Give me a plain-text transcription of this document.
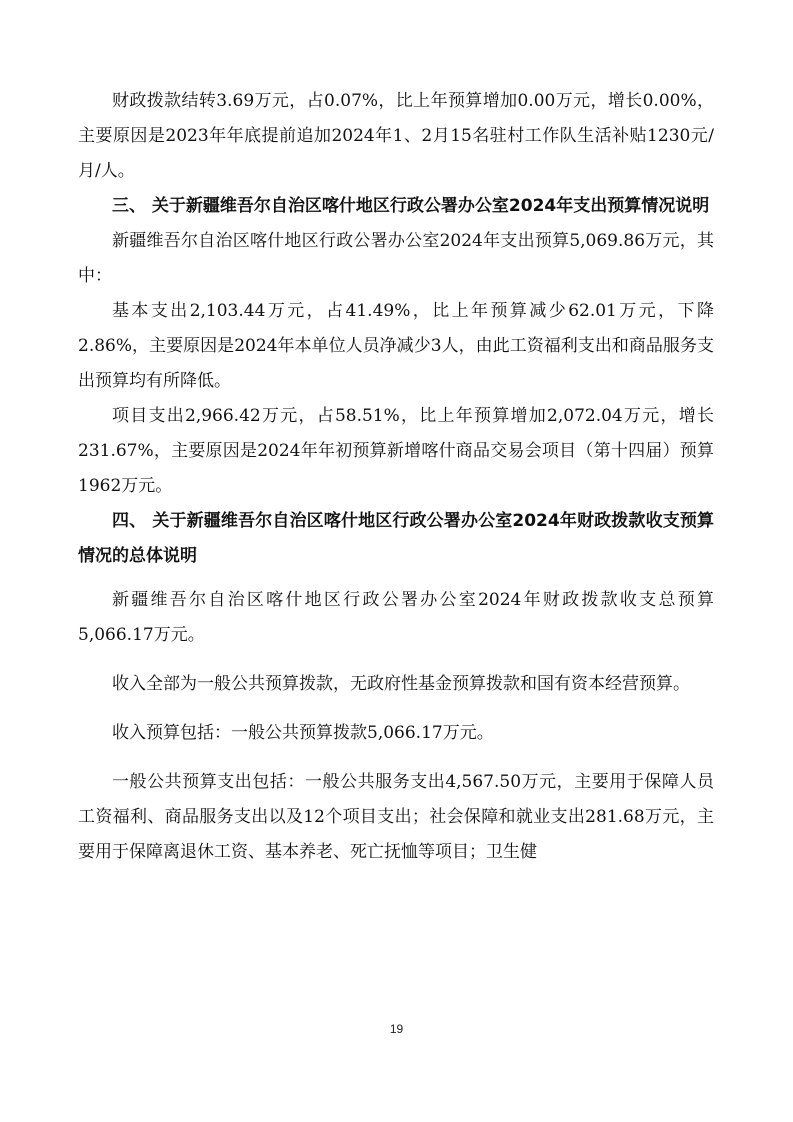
财政拨款结转3.69万元，占0.07%，比上年预算增加0.00万元，增长0.00%，主要原因是2023年年底提前追加2024年1、2月15名驻村工作队生活补贴1230元/月/人。

三、 关于新疆维吾尔自治区喀什地区行政公署办公室2024年支出预算情况说明

新疆维吾尔自治区喀什地区行政公署办公室2024年支出预算5,069.86万元，其中：

基本支出2,103.44万元，占41.49%，比上年预算减少62.01万元，下降2.86%，主要原因是2024年本单位人员净减少3人，由此工资福利支出和商品服务支出预算均有所降低。

项目支出2,966.42万元，占58.51%，比上年预算增加2,072.04万元，增长231.67%，主要原因是2024年年初预算新增喀什商品交易会项目（第十四届）预算1962万元。

四、 关于新疆维吾尔自治区喀什地区行政公署办公室2024年财政拨款收支预算情况的总体说明

新疆维吾尔自治区喀什地区行政公署办公室2024年财政拨款收支总预算5,066.17万元。

收入全部为一般公共预算拨款，无政府性基金预算拨款和国有资本经营预算。

收入预算包括：一般公共预算拨款5,066.17万元。

一般公共预算支出包括：一般公共服务支出4,567.50万元，主要用于保障人员工资福利、商品服务支出以及12个项目支出；社会保障和就业支出281.68万元，主要用于保障离退休工资、基本养老、死亡抚恤等项目；卫生健

19
